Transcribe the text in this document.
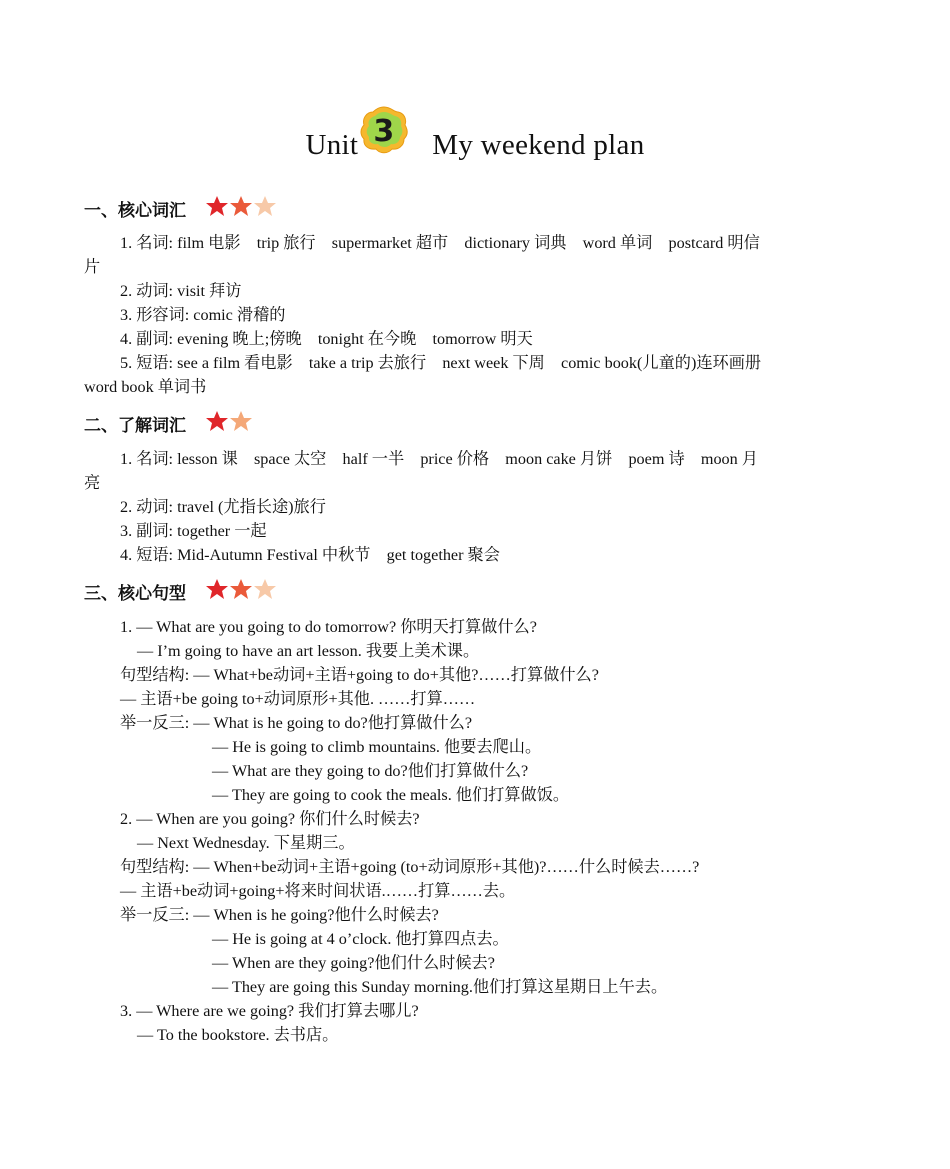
Unit 3 My weekend plan
一、核心词汇
1. 名词: film 电影    trip 旅行    supermarket 超市    dictionary 词典    word 单词    postcard 明信
片
2. 动词: visit 拜访
3. 形容词: comic 滑稽的
4. 副词: evening 晚上;傍晚    tonight 在今晚    tomorrow 明天
5. 短语: see a film 看电影    take a trip 去旅行    next week 下周    comic book(儿童的)连环画册
word book 单词书
二、了解词汇
1. 名词: lesson 课    space 太空    half 一半    price 价格    moon cake 月饼    poem 诗    moon 月
亮
2. 动词: travel (尤指长途)旅行
3. 副词: together 一起
4. 短语: Mid-Autumn Festival 中秋节    get together 聚会
三、核心句型
1. — What are you going to do tomorrow? 你明天打算做什么?
— I’m going to have an art lesson. 我要上美术课。
句型结构: — What+be动词+主语+going to do+其他?……打算做什么?
— 主语+be going to+动词原形+其他. ……打算……
举一反三: — What is he going to do?他打算做什么?
— He is going to climb mountains. 他要去爬山。
— What are they going to do?他们打算做什么?
— They are going to cook the meals. 他们打算做饭。
2. — When are you going? 你们什么时候去?
— Next Wednesday. 下星期三。
句型结构: — When+be动词+主语+going (to+动词原形+其他)?……什么时候去……?
— 主语+be动词+going+将来时间状语.……打算……去。
举一反三: — When is he going?他什么时候去?
— He is going at 4 o’clock. 他打算四点去。
— When are they going?他们什么时候去?
— They are going this Sunday morning.他们打算这星期日上午去。
3. — Where are we going? 我们打算去哪儿?
— To the bookstore. 去书店。
